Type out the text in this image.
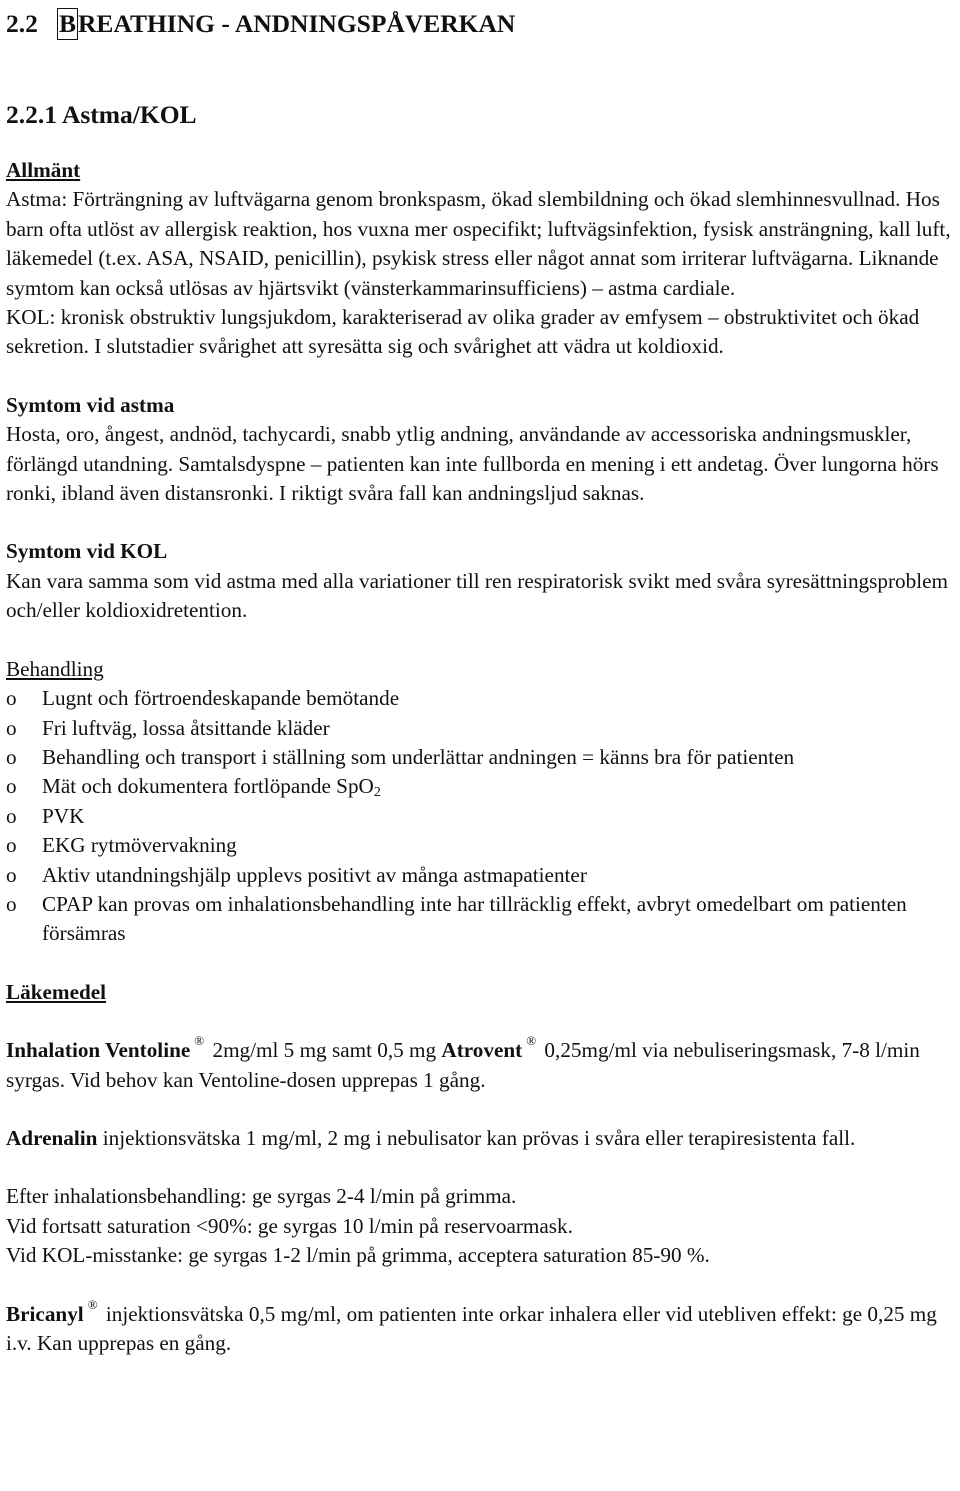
2.2 BREATHING - ANDNINGSPÅVERKAN
2.2.1 Astma/KOL

Allmänt

Astma: Förträngning av luftvägarna genom bronkspasm, ökad slembildning och ökad slemhinnesvullnad. Hos barn ofta utlöst av allergisk reaktion, hos vuxna mer ospecifikt; luftvägsinfektion, fysisk ansträngning, kall luft, läkemedel (t.ex. ASA, NSAID, penicillin), psykisk stress eller något annat som irriterar luftvägarna. Liknande symtom kan också utlösas av hjärtsvikt (vänsterkammarinsufficiens) – astma cardiale.

KOL: kronisk obstruktiv lungsjukdom, karakteriserad av olika grader av emfysem – obstruktivitet och ökad sekretion. I slutstadier svårighet att syresätta sig och svårighet att vädra ut koldioxid.

Symtom vid astma

Hosta, oro, ångest, andnöd, tachycardi, snabb ytlig andning, användande av accessoriska andningsmuskler, förlängd utandning. Samtalsdyspne – patienten kan inte fullborda en mening i ett andetag. Över lungorna hörs ronki, ibland även distansronki. I riktigt svåra fall kan andningsljud saknas.

Symtom vid KOL

Kan vara samma som vid astma med alla variationer till ren respiratorisk svikt med svåra syresättningsproblem och/eller koldioxidretention.

Behandling

o Lugnt och förtroendeskapande bemötande
o Fri luftväg, lossa åtsittande kläder
o Behandling och transport i ställning som underlättar andningen = känns bra för patienten
o Mät och dokumentera fortlöpande SpO$_2$
o PVK
o EKG rytmövervakning
o Aktiv utandningshjälp upplevs positivt av många astmapatienter
o CPAP kan provas om inhalationsbehandling inte har tillräcklig effekt, avbryt omedelbart om patienten försämras

Läkemedel

Inhalation Ventoline ® 2mg/ml 5 mg samt 0,5 mg Atrovent ® 0,25mg/ml via nebuliseringsmask, 7-8 l/min syrgas. Vid behov kan Ventoline-dosen upprepas 1 gång.

Adrenalin injektionsvätska 1 mg/ml, 2 mg i nebulisator kan prövas i svåra eller terapiresistenta fall.

Efter inhalationsbehandling: ge syrgas 2-4 l/min på grimma.

Vid fortsatt saturation <90%: ge syrgas 10 l/min på reservoarmask.

Vid KOL-misstanke: ge syrgas 1-2 l/min på grimma, acceptera saturation 85-90 %.

Bricanyl ® injektionsvätska 0,5 mg/ml, om patienten inte orkar inhalera eller vid utebliven effekt: ge 0,25 mg i.v. Kan upprepas en gång.
